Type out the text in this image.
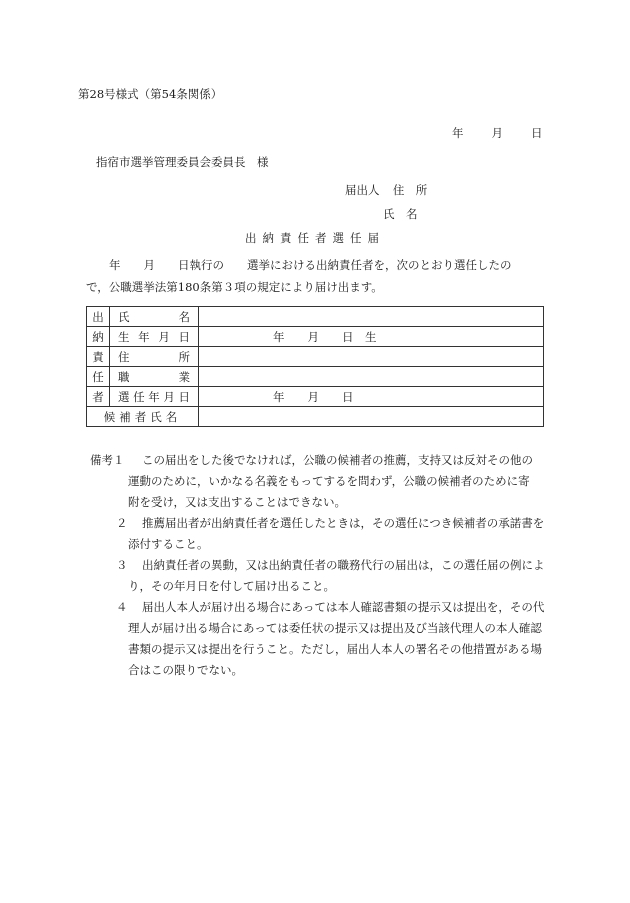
第28号様式（第54条関係）
年 月 日
指宿市選挙管理委員会委員長　様
届出人 住　所
氏　名
出納責任者選任届
　　年　　月　　日執行の　　選挙における出納責任者を，次のとおり選任したの
で，公職選挙法第180条第３項の規定により届け出ます。
出	氏 名	

納	生 年 月 日	年　　月　　日　生

責	住 所	

任	職 業	

者	選 任 年 月 日	年　　月　　日

候補者氏名		
備考１	この届出をした後でなければ，公職の候補者の推薦，支持又は反対その他の
運動のために，いかなる名義をもってするを問わず，公職の候補者のために寄
附を受け，又は支出することはできない。
２	推薦届出者が出納責任者を選任したときは，その選任につき候補者の承諾書を
添付すること。
３	出納責任者の異動，又は出納責任者の職務代行の届出は，この選任届の例によ
り，その年月日を付して届け出ること。
４	届出人本人が届け出る場合にあっては本人確認書類の提示又は提出を，その代
理人が届け出る場合にあっては委任状の提示又は提出及び当該代理人の本人確認
書類の提示又は提出を行うこと。ただし，届出人本人の署名その他措置がある場
合はこの限りでない。
